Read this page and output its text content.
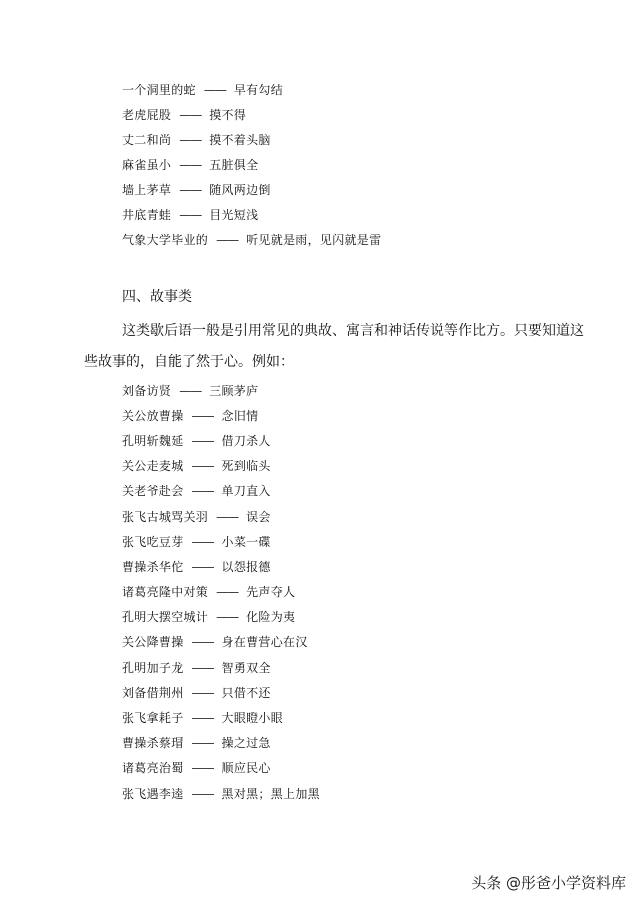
一个洞里的蛇 —— 早有勾结
老虎屁股 —— 摸不得
丈二和尚 —— 摸不着头脑
麻雀虽小 —— 五脏俱全
墙上茅草 —— 随风两边倒
井底青蛙 —— 目光短浅
气象大学毕业的 —— 听见就是雨，见闪就是雷
四、故事类
这类歇后语一般是引用常见的典故、寓言和神话传说等作比方。只要知道这
些故事的，自能了然于心。例如：
刘备访贤 —— 三顾茅庐
关公放曹操 —— 念旧情
孔明斩魏延 —— 借刀杀人
关公走麦城 —— 死到临头
关老爷赴会 —— 单刀直入
张飞古城骂关羽 —— 误会
张飞吃豆芽 —— 小菜一碟
曹操杀华佗 —— 以怨报德
诸葛亮隆中对策 —— 先声夺人
孔明大摆空城计 —— 化险为夷
关公降曹操 —— 身在曹营心在汉
孔明加子龙 —— 智勇双全
刘备借荆州 —— 只借不还
张飞拿耗子 —— 大眼瞪小眼
曹操杀蔡瑁 —— 操之过急
诸葛亮治蜀 —— 顺应民心
张飞遇李逵 —— 黑对黑；黑上加黑
头条 @彤爸小学资料库
